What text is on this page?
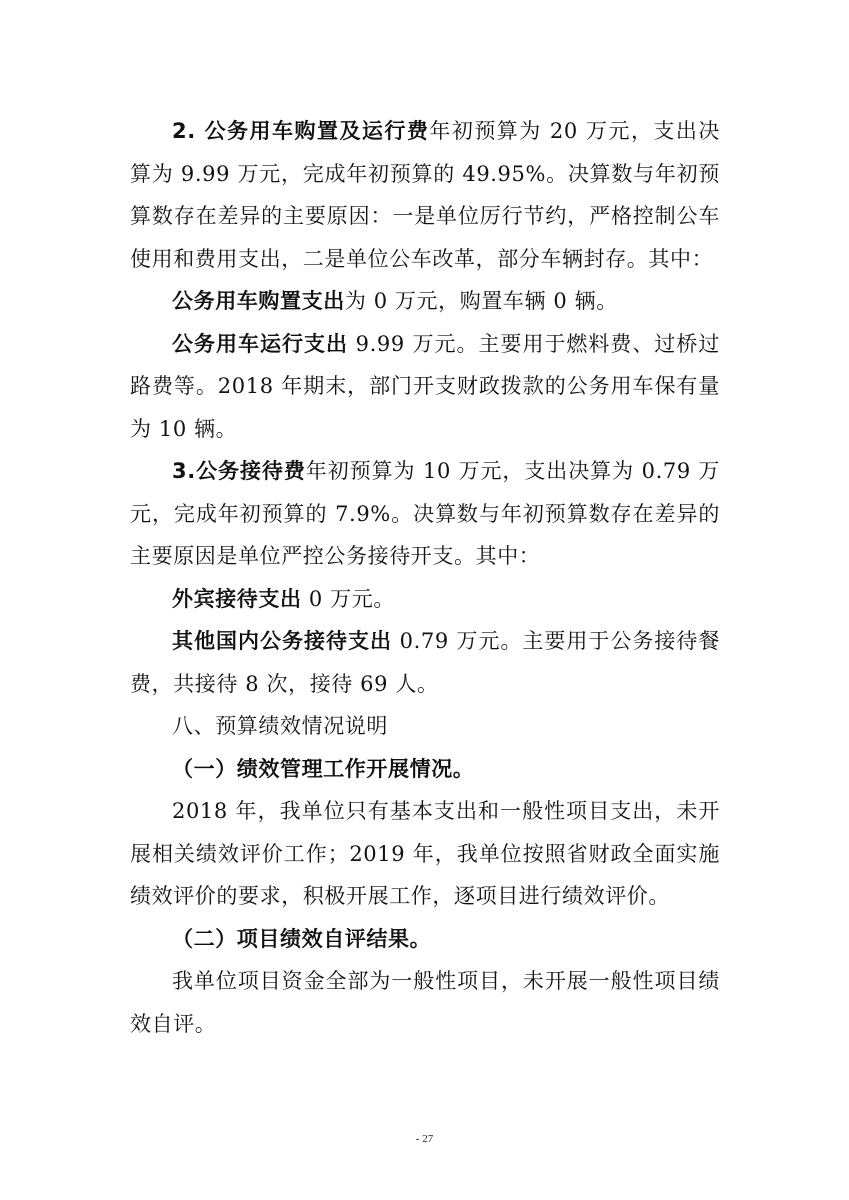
2. 公务用车购置及运行费年初预算为 20 万元，支出决算为 9.99 万元，完成年初预算的 49.95%。决算数与年初预算数存在差异的主要原因：一是单位厉行节约，严格控制公车使用和费用支出，二是单位公车改革，部分车辆封存。其中：

公务用车购置支出为 0 万元，购置车辆 0 辆。

公务用车运行支出 9.99 万元。主要用于燃料费、过桥过路费等。2018 年期末，部门开支财政拨款的公务用车保有量为 10 辆。

3.公务接待费年初预算为 10 万元，支出决算为 0.79 万元，完成年初预算的 7.9%。决算数与年初预算数存在差异的主要原因是单位严控公务接待开支。其中：

外宾接待支出 0 万元。

其他国内公务接待支出 0.79 万元。主要用于公务接待餐费，共接待 8 次，接待 69 人。

八、预算绩效情况说明

（一）绩效管理工作开展情况。

2018 年，我单位只有基本支出和一般性项目支出，未开展相关绩效评价工作；2019 年，我单位按照省财政全面实施绩效评价的要求，积极开展工作，逐项目进行绩效评价。

（二）项目绩效自评结果。

我单位项目资金全部为一般性项目，未开展一般性项目绩效自评。

- 27
